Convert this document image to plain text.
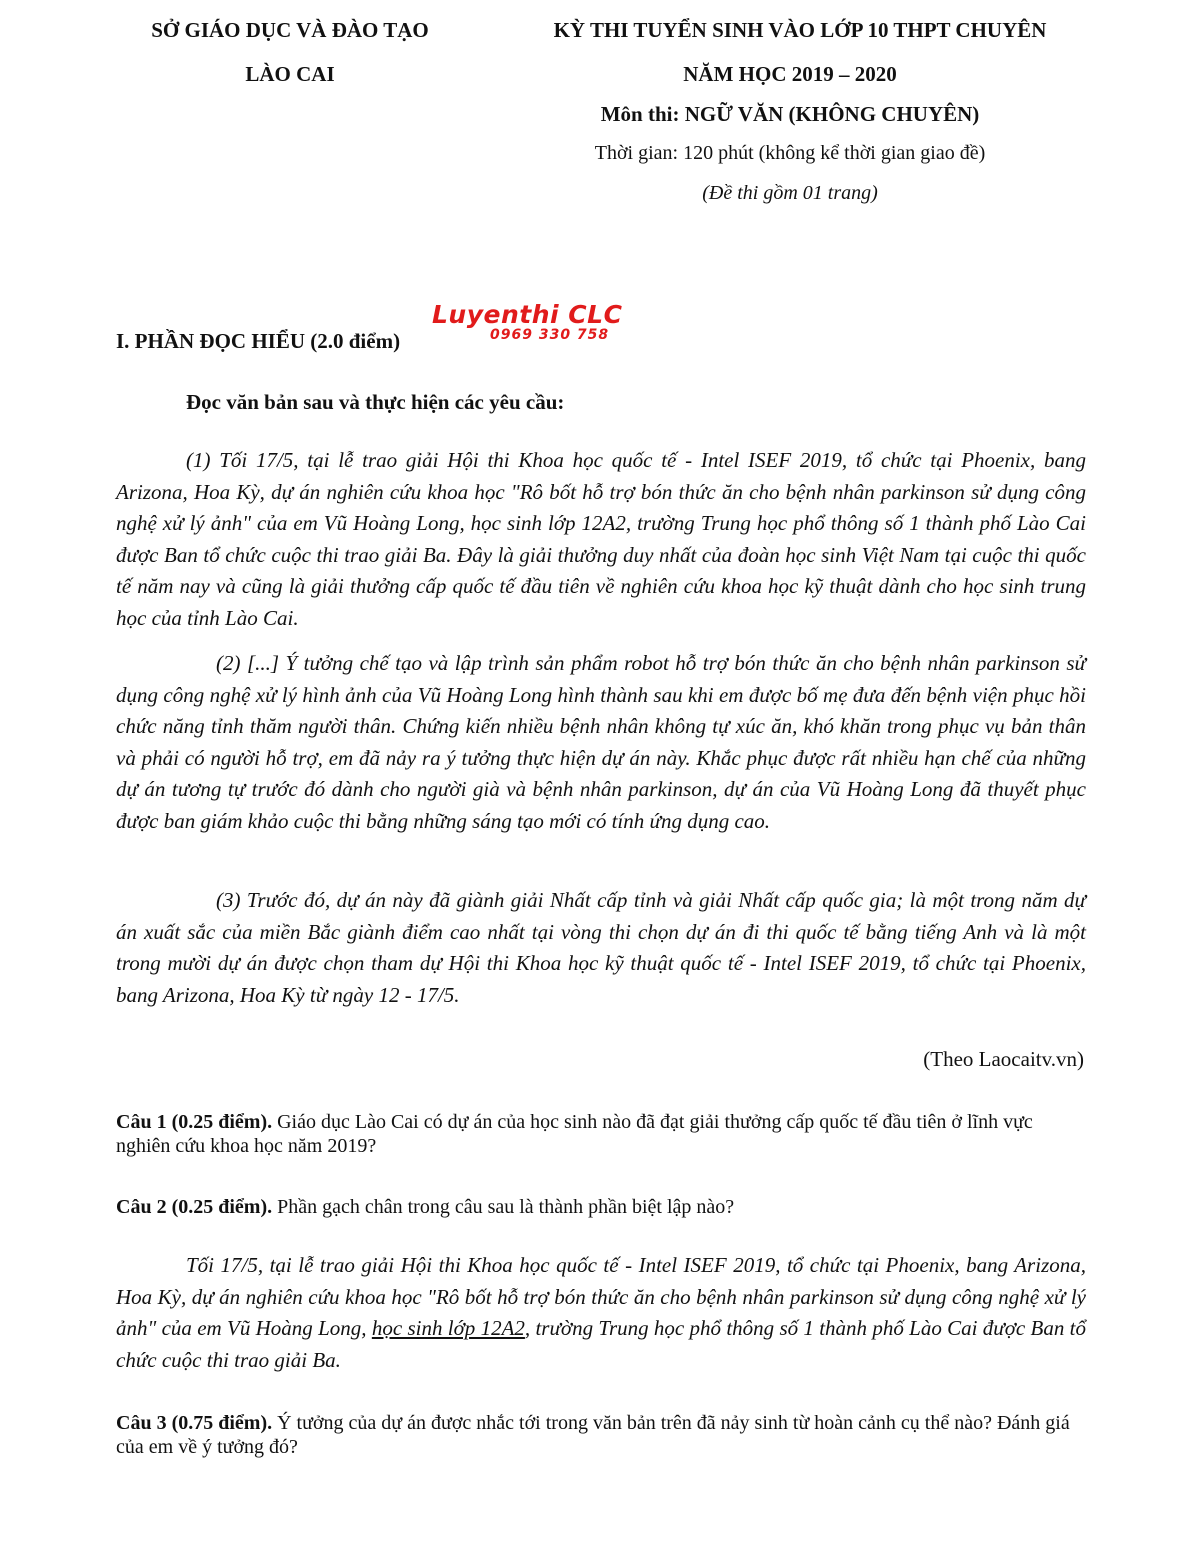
SỞ GIÁO DỤC VÀ ĐÀO TẠO
LÀO CAI
KỲ THI TUYỂN SINH VÀO LỚP 10 THPT CHUYÊN
NĂM HỌC 2019 – 2020
Môn thi: NGỮ VĂN (KHÔNG CHUYÊN)
Thời gian: 120 phút (không kể thời gian giao đề)
(Đề thi gồm 01 trang)
Luyenthi CLC
0969 330 758
I. PHẦN ĐỌC HIỂU (2.0 điểm)
Đọc văn bản sau và thực hiện các yêu cầu:
(1) Tối 17/5, tại lễ trao giải Hội thi Khoa học quốc tế - Intel ISEF 2019, tổ chức tại Phoenix, bang Arizona, Hoa Kỳ, dự án nghiên cứu khoa học "Rô bốt hỗ trợ bón thức ăn cho bệnh nhân parkinson sử dụng công nghệ xử lý ảnh" của em Vũ Hoàng Long, học sinh lớp 12A2, trường Trung học phổ thông số 1 thành phố Lào Cai được Ban tổ chức cuộc thi trao giải Ba. Đây là giải thưởng duy nhất của đoàn học sinh Việt Nam tại cuộc thi quốc tế năm nay và cũng là giải thưởng cấp quốc tế đầu tiên về nghiên cứu khoa học kỹ thuật dành cho học sinh trung học của tỉnh Lào Cai.
(2) [...] Ý tưởng chế tạo và lập trình sản phẩm robot hỗ trợ bón thức ăn cho bệnh nhân parkinson sử dụng công nghệ xử lý hình ảnh của Vũ Hoàng Long hình thành sau khi em được bố mẹ đưa đến bệnh viện phục hồi chức năng tỉnh thăm người thân. Chứng kiến nhiều bệnh nhân không tự xúc ăn, khó khăn trong phục vụ bản thân và phải có người hỗ trợ, em đã nảy ra ý tưởng thực hiện dự án này. Khắc phục được rất nhiều hạn chế của những dự án tương tự trước đó dành cho người già và bệnh nhân parkinson, dự án của Vũ Hoàng Long đã thuyết phục được ban giám khảo cuộc thi bằng những sáng tạo mới có tính ứng dụng cao.
(3) Trước đó, dự án này đã giành giải Nhất cấp tỉnh và giải Nhất cấp quốc gia; là một trong năm dự án xuất sắc của miền Bắc giành điểm cao nhất tại vòng thi chọn dự án đi thi quốc tế bằng tiếng Anh và là một trong mười dự án được chọn tham dự Hội thi Khoa học kỹ thuật quốc tế - Intel ISEF 2019, tổ chức tại Phoenix, bang Arizona, Hoa Kỳ từ ngày 12 - 17/5.
(Theo Laocaitv.vn)
Câu 1 (0.25 điểm). Giáo dục Lào Cai có dự án của học sinh nào đã đạt giải thưởng cấp quốc tế đầu tiên ở lĩnh vực nghiên cứu khoa học năm 2019?
Câu 2 (0.25 điểm). Phần gạch chân trong câu sau là thành phần biệt lập nào?
Tối 17/5, tại lễ trao giải Hội thi Khoa học quốc tế - Intel ISEF 2019, tổ chức tại Phoenix, bang Arizona, Hoa Kỳ, dự án nghiên cứu khoa học "Rô bốt hỗ trợ bón thức ăn cho bệnh nhân parkinson sử dụng công nghệ xử lý ảnh" của em Vũ Hoàng Long, học sinh lớp 12A2, trường Trung học phổ thông số 1 thành phố Lào Cai được Ban tổ chức cuộc thi trao giải Ba.
Câu 3 (0.75 điểm). Ý tưởng của dự án được nhắc tới trong văn bản trên đã nảy sinh từ hoàn cảnh cụ thể nào? Đánh giá của em về ý tưởng đó?
